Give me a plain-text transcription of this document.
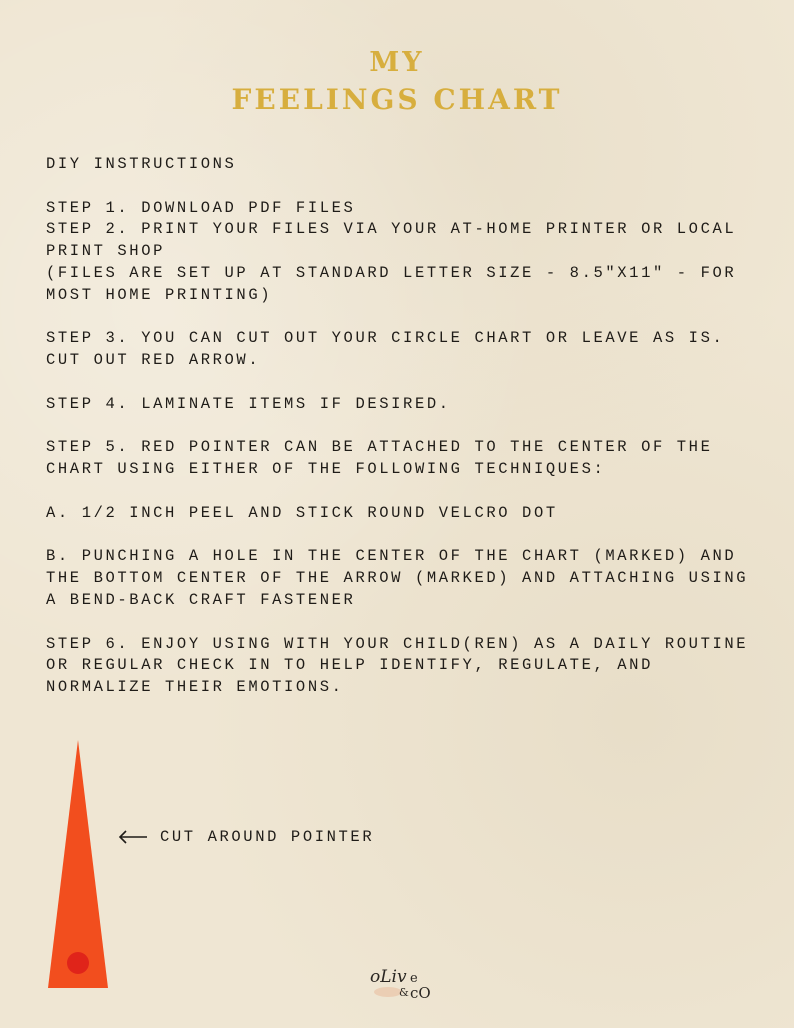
MY
FEELINGS CHART

DIY INSTRUCTIONS

STEP 1. DOWNLOAD PDF FILES
STEP 2. PRINT YOUR FILES VIA YOUR AT-HOME PRINTER OR LOCAL PRINT SHOP
(FILES ARE SET UP AT STANDARD LETTER SIZE - 8.5"X11" - FOR MOST HOME PRINTING)

STEP 3. YOU CAN CUT OUT YOUR CIRCLE CHART OR LEAVE AS IS. CUT OUT RED ARROW.

STEP 4. LAMINATE ITEMS IF DESIRED.

STEP 5. RED POINTER CAN BE ATTACHED TO THE CENTER OF THE CHART USING EITHER OF THE FOLLOWING TECHNIQUES:

A. 1/2 INCH PEEL AND STICK ROUND VELCRO DOT

B. PUNCHING A HOLE IN THE CENTER OF THE CHART (MARKED) AND THE BOTTOM CENTER OF THE ARROW (MARKED) AND ATTACHING USING A BEND-BACK CRAFT FASTENER

STEP 6. ENJOY USING WITH YOUR CHILD(REN) AS A DAILY ROUTINE OR REGULAR CHECK IN TO HELP IDENTIFY, REGULATE, AND NORMALIZE THEIR EMOTIONS.

CUT AROUND POINTER
oLiv e
& cO
